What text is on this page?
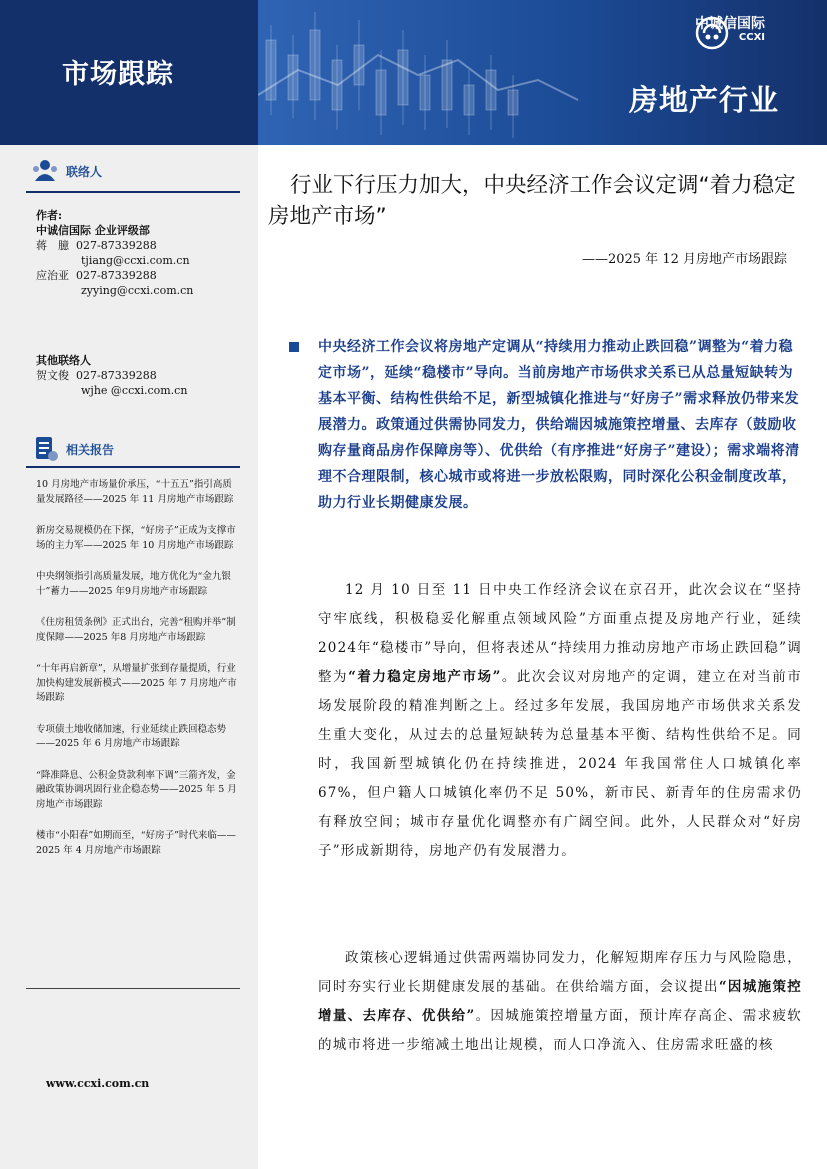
市场跟踪
中诚信国际
CCXI
房地产行业
联络人
作者:
中诚信国际 企业评级部
蒋　臆 027-87339288
tjiang@ccxi.com.cn
应治亚 027-87339288
zyying@ccxi.com.cn
其他联络人
贺文俊 027-87339288
wjhe @ccxi.com.cn
相关报告
10 月房地产市场量价承压，“十五五”指引高质量发展路径——2025 年 11 月房地产市场跟踪
新房交易规模仍在下探，“好房子”正成为支撑市场的主力军——2025 年 10 月房地产市场跟踪
中央纲领指引高质量发展，地方优化为“金九银十”蓄力——2025 年9月房地产市场跟踪
《住房租赁条例》正式出台，完善“租购并举”制度保障——2025 年8 月房地产市场跟踪
“十年再启新章”，从增量扩张到存量提质，行业加快构建发展新模式——2025 年 7 月房地产市场跟踪
专项债土地收储加速，行业延续止跌回稳态势——2025 年 6 月房地产市场跟踪
“降准降息、公积金贷款利率下调”三箭齐发，金融政策协调巩固行业企稳态势——2025 年 5 月房地产市场跟踪
楼市“小阳春”如期而至，“好房子”时代来临——2025 年 4 月房地产市场跟踪
www.ccxi.com.cn
行业下行压力加大，中央经济工作会议定调“着力稳定房地产市场”
——2025 年 12 月房地产市场跟踪
中央经济工作会议将房地产定调从“持续用力推动止跌回稳”调整为“着力稳定市场”，延续“稳楼市”导向。当前房地产市场供求关系已从总量短缺转为基本平衡、结构性供给不足，新型城镇化推进与“好房子”需求释放仍带来发展潜力。政策通过供需协同发力，供给端因城施策控增量、去库存（鼓励收购存量商品房作保障房等）、优供给（有序推进“好房子”建设）；需求端将清理不合理限制，核心城市或将进一步放松限购，同时深化公积金制度改革，助力行业长期健康发展。
12 月 10 日至 11 日中央工作经济会议在京召开，此次会议在“坚持守牢底线，积极稳妥化解重点领域风险”方面重点提及房地产行业，延续2024年“稳楼市”导向，但将表述从“持续用力推动房地产市场止跌回稳”调整为“着力稳定房地产市场”。此次会议对房地产的定调，建立在对当前市场发展阶段的精准判断之上。经过多年发展，我国房地产市场供求关系发生重大变化，从过去的总量短缺转为总量基本平衡、结构性供给不足。同时，我国新型城镇化仍在持续推进，2024 年我国常住人口城镇化率 67%，但户籍人口城镇化率仍不足 50%，新市民、新青年的住房需求仍有释放空间；城市存量优化调整亦有广阔空间。此外，人民群众对“好房子”形成新期待，房地产仍有发展潜力。
政策核心逻辑通过供需两端协同发力，化解短期库存压力与风险隐患，同时夯实行业长期健康发展的基础。在供给端方面，会议提出“因城施策控增量、去库存、优供给”。因城施策控增量方面，预计库存高企、需求疲软的城市将进一步缩减土地出让规模，而人口净流入、住房需求旺盛的核
